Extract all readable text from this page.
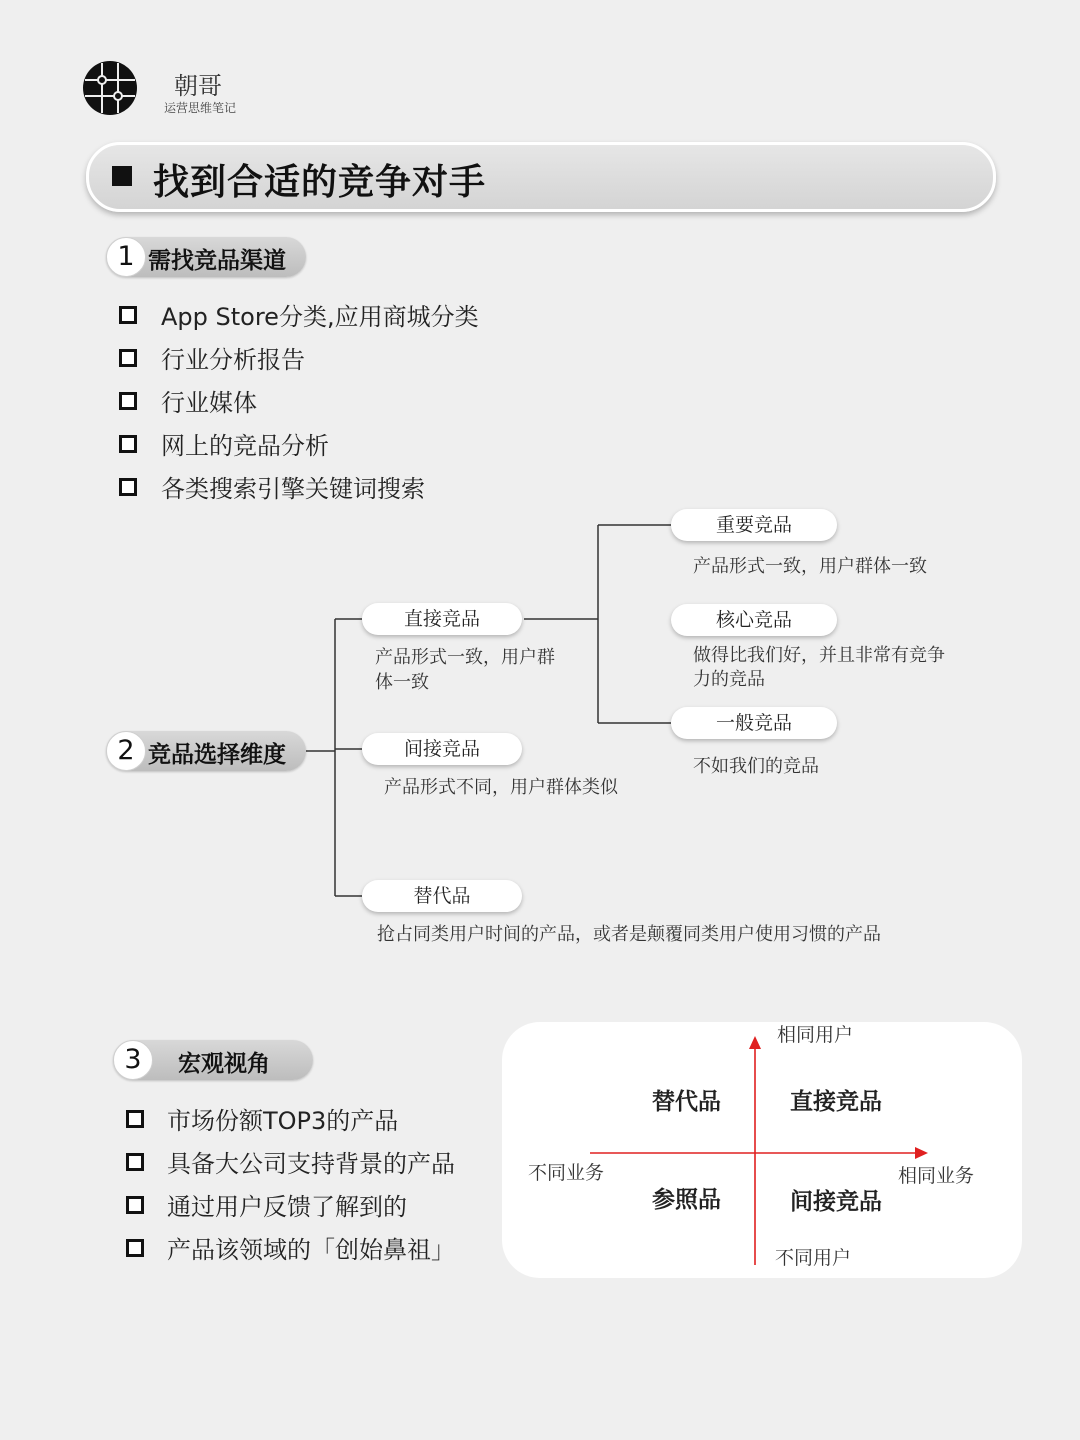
朝哥
运营思维笔记
找到合适的竞争对手
1 需找竞品渠道
App Store分类,应用商城分类
行业分析报告
行业媒体
网上的竞品分析
各类搜索引擎关键词搜索
2 竞品选择维度
直接竞品
产品形式一致，用户群
体一致
间接竞品
产品形式不同，用户群体类似
替代品
抢占同类用户时间的产品，或者是颠覆同类用户使用习惯的产品
重要竞品
产品形式一致，用户群体一致
核心竞品
做得比我们好，并且非常有竞争
力的竞品
一般竞品
不如我们的竞品
3	宏观视角
市场份额TOP3的产品
具备大公司支持背景的产品
通过用户反馈了解到的
产品该领域的「创始鼻祖」
相同用户
不同用户
不同业务	相同业务
替代品	直接竞品
参照品	间接竞品
